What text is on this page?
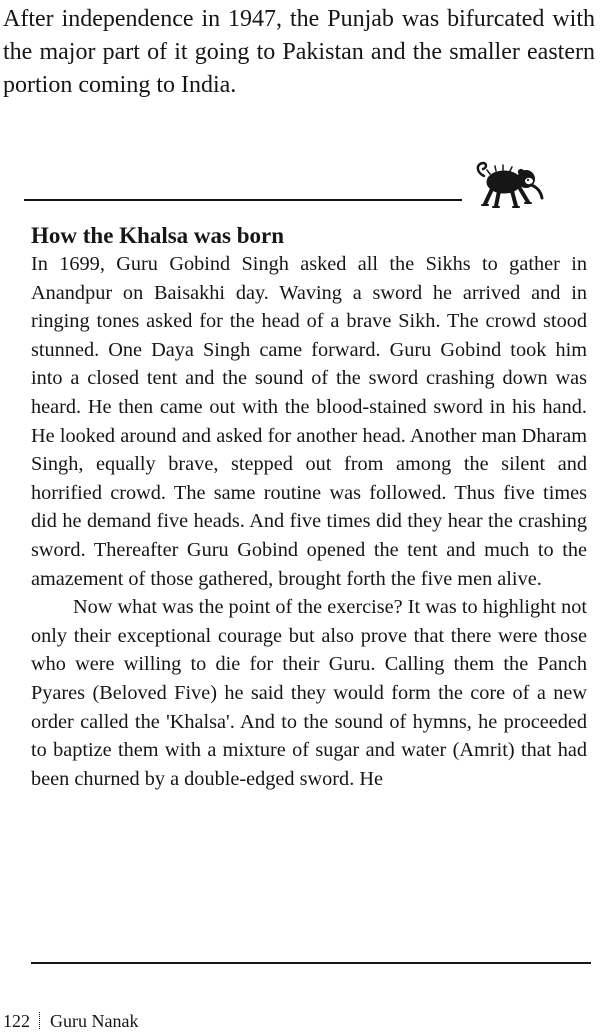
After independence in 1947, the Punjab was bifurcated with the major part of it going to Pakistan and the smaller eastern portion coming to India.

How the Khalsa was born

In 1699, Guru Gobind Singh asked all the Sikhs to gather in Anandpur on Baisakhi day. Waving a sword he arrived and in ringing tones asked for the head of a brave Sikh. The crowd stood stunned. One Daya Singh came forward. Guru Gobind took him into a closed tent and the sound of the sword crashing down was heard. He then came out with the blood-stained sword in his hand. He looked around and asked for another head. Another man Dharam Singh, equally brave, stepped out from among the silent and horrified crowd. The same routine was followed. Thus five times did he demand five heads. And five times did they hear the crashing sword. Thereafter Guru Gobind opened the tent and much to the amazement of those gathered, brought forth the five men alive.

Now what was the point of the exercise? It was to highlight not only their exceptional courage but also prove that there were those who were willing to die for their Guru. Calling them the Panch Pyares (Beloved Five) he said they would form the core of a new order called the 'Khalsa'. And to the sound of hymns, he proceeded to baptize them with a mixture of sugar and water (Amrit) that had been churned by a double-edged sword. He

122 Guru Nanak
